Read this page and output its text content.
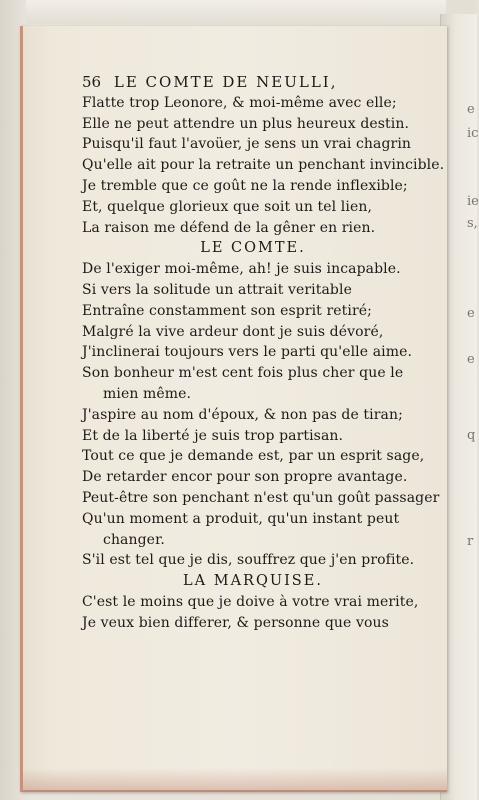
e
ic
ie
s,
e
e
q
r
56 LE COMTE DE NEULLI,
Flatte trop Leonore, & moi-même avec elle;
Elle ne peut attendre un plus heureux destin.
Puisqu'il faut l'avoüer, je sens un vrai chagrin
Qu'elle ait pour la retraite un penchant invincible.
Je tremble que ce goût ne la rende inflexible;
Et, quelque glorieux que soit un tel lien,
La raison me défend de la gêner en rien.
LE COMTE.
De l'exiger moi-même, ah! je suis incapable.
Si vers la solitude un attrait veritable
Entraîne constamment son esprit retiré;
Malgré la vive ardeur dont je suis dévoré,
J'inclinerai toujours vers le parti qu'elle aime.
Son bonheur m'est cent fois plus cher que le
mien même.
J'aspire au nom d'époux, & non pas de tiran;
Et de la liberté je suis trop partisan.
Tout ce que je demande est, par un esprit sage,
De retarder encor pour son propre avantage.
Peut-être son penchant n'est qu'un goût passager
Qu'un moment a produit, qu'un instant peut
changer.
S'il est tel que je dis, souffrez que j'en profite.
LA MARQUISE.
C'est le moins que je doive à votre vrai merite,
Je veux bien differer, & personne que vous
